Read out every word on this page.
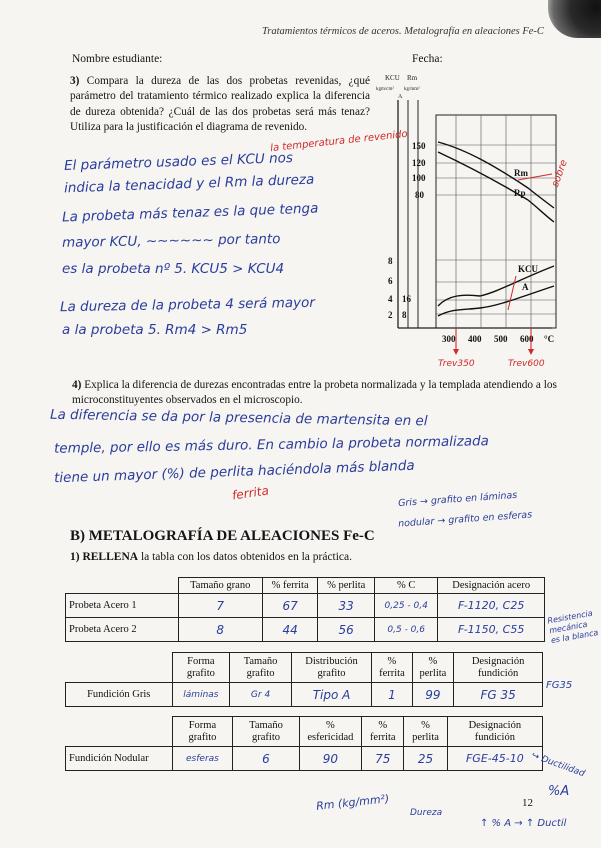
Tratamientos térmicos de aceros. Metalografía en aleaciones Fe-C
Nombre estudiante:	Fecha:
3) Compara la dureza de las dos probetas revenidas, ¿qué parámetro del tratamiento térmico realizado explica la diferencia de dureza obtenida? ¿Cuál de las dos probetas será más tenaz? Utiliza para la justificación el diagrama de revenido.
KCU
kgm/cm²
Rm
kg/mm²
A
150
120
100
80
8
6
4
2
16
8
300 400 500 600 °C
Rm
Rp
KCU
A
Trev350	Trev600
la temperatura de revenido
sobre
El parámetro usado es el KCU nos
indica la tenacidad y el Rm la dureza
La probeta más tenaz es la que tenga
mayor KCU, ~~~~~~ por tanto
es la probeta nº 5. KCU5 > KCU4
La dureza de la probeta 4 será mayor
a la probeta 5. Rm4 > Rm5
4) Explica la diferencia de durezas encontradas entre la probeta normalizada y la templada atendiendo a los microconstituyentes observados en el microscopio.
La diferencia se da por la presencia de martensita en el
temple, por ello es más duro. En cambio la probeta normalizada
tiene un mayor (%) de perlita haciéndola más blanda
ferrita	Gris → grafito en láminas
nodular → grafito en esferas
B) METALOGRAFÍA DE ALEACIONES Fe-C
1) RELLENA la tabla con los datos obtenidos en la práctica.
	Tamaño grano	% ferrita	% perlita	% C	Designación acero
Probeta Acero 1	7	67	33	0,25 - 0,4	F-1120, C25
Probeta Acero 2	8	44	56	0,5 - 0,6	F-1150, C55
Resistencia mecánica es la blanca
	Forma grafito	Tamaño grafito	Distribución grafito	% ferrita	% perlita	Designación fundición
Fundición Gris	láminas	Gr 4	Tipo A	1	99	FG 35
FG35
	Forma grafito	Tamaño grafito	% esfericidad	% ferrita	% perlita	Designación fundición
Fundición Nodular	esferas	6	90	75	25	FGE-45-10
Rm (kg/mm²)
Dureza
↪ Ductilidad
%A
↑ % A → ↑ Ductil
12
